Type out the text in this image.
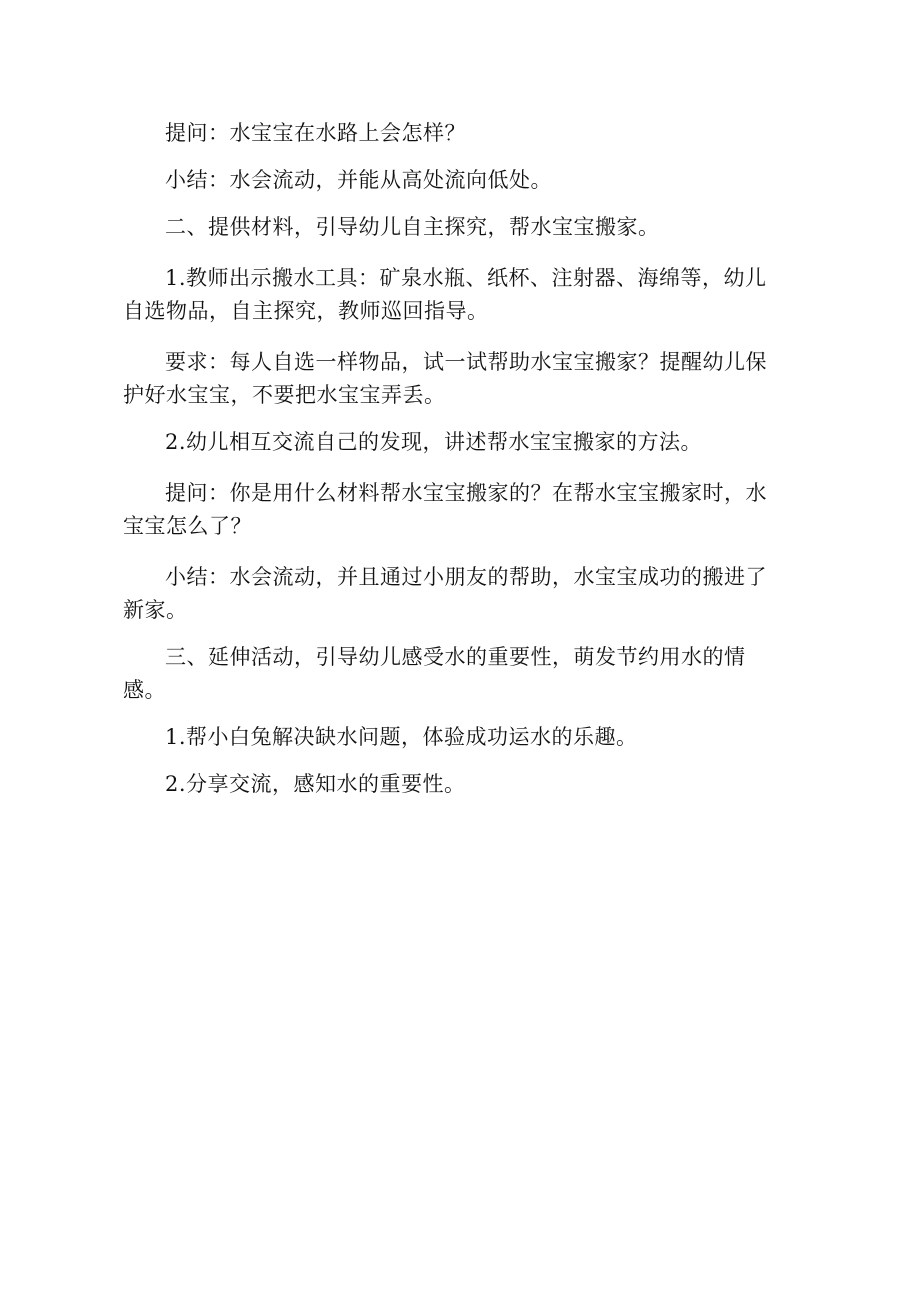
提问：水宝宝在水路上会怎样？

小结：水会流动，并能从高处流向低处。

二、提供材料，引导幼儿自主探究，帮水宝宝搬家。

1.教师出示搬水工具：矿泉水瓶、纸杯、注射器、海绵等，幼儿
自选物品，自主探究，教师巡回指导。

要求：每人自选一样物品，试一试帮助水宝宝搬家？提醒幼儿保
护好水宝宝，不要把水宝宝弄丢。

2.幼儿相互交流自己的发现，讲述帮水宝宝搬家的方法。

提问：你是用什么材料帮水宝宝搬家的？在帮水宝宝搬家时，水
宝宝怎么了？

小结：水会流动，并且通过小朋友的帮助，水宝宝成功的搬进了
新家。

三、延伸活动，引导幼儿感受水的重要性，萌发节约用水的情感。

1.帮小白兔解决缺水问题，体验成功运水的乐趣。

2.分享交流，感知水的重要性。
